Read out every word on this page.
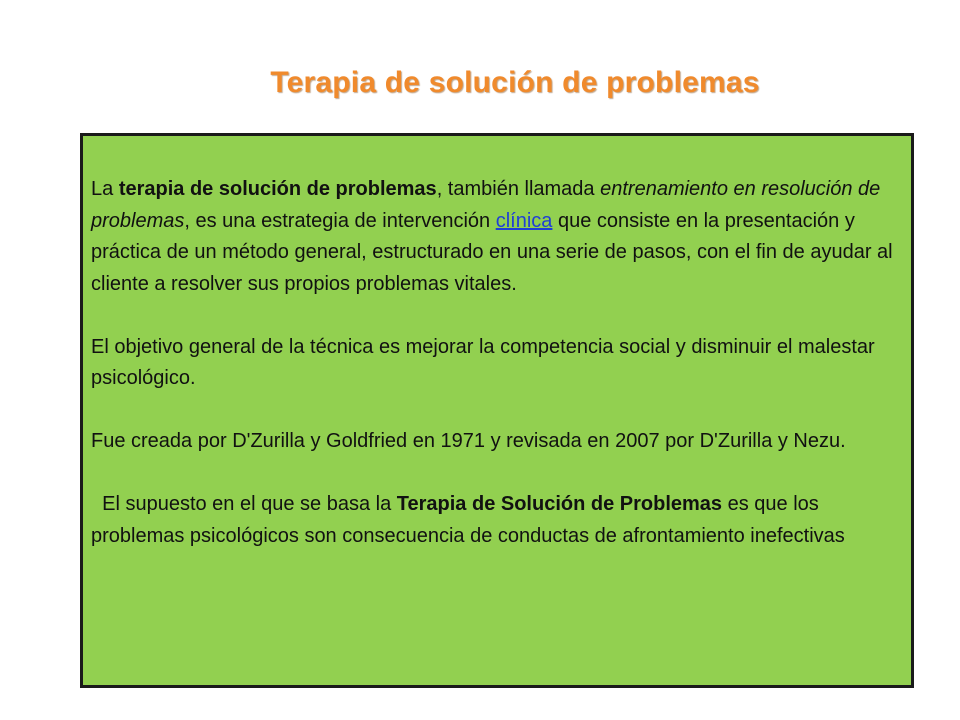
Terapia de solución de problemas

La terapia de solución de problemas, también llamada entrenamiento en resolución de problemas, es una estrategia de intervención clínica que consiste en la presentación y práctica de un método general, estructurado en una serie de pasos, con el fin de ayudar al cliente a resolver sus propios problemas vitales.

El objetivo general de la técnica es mejorar la competencia social y disminuir el malestar psicológico.

Fue creada por D'Zurilla y Goldfried en 1971 y revisada en 2007 por D'Zurilla y Nezu.

El supuesto en el que se basa la Terapia de Solución de Problemas es que los problemas psicológicos son consecuencia de conductas de afrontamiento inefectivas
